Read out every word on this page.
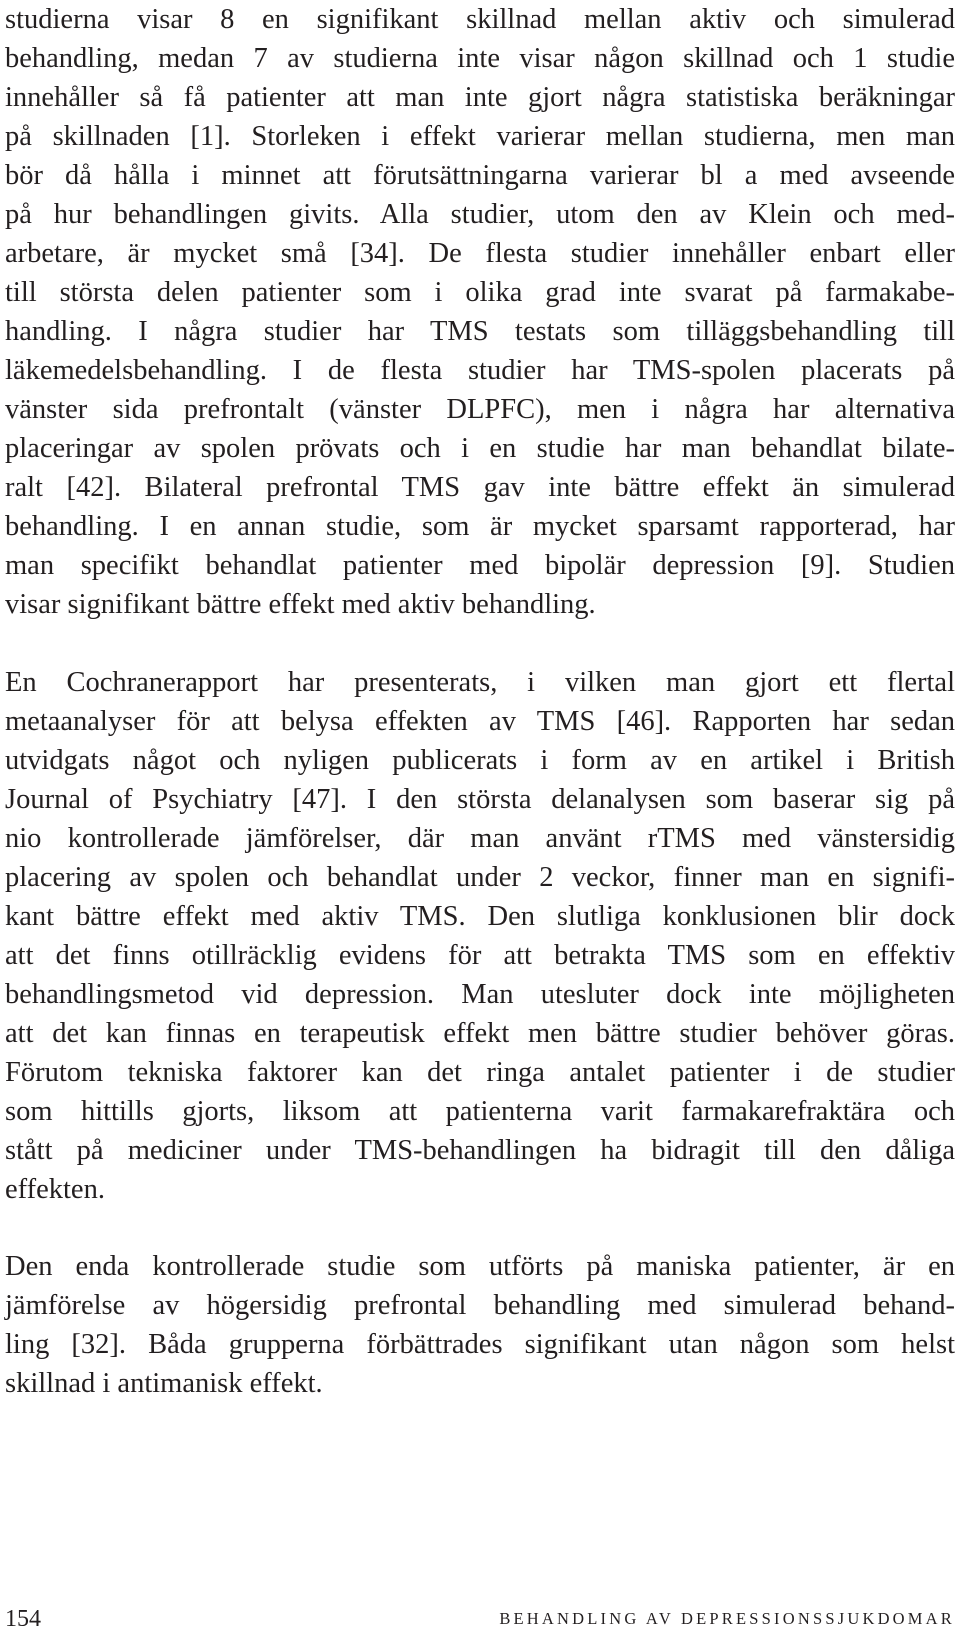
studierna visar 8 en signifikant skillnad mellan aktiv och simulerad
behandling, medan 7 av studierna inte visar någon skillnad och 1 studie
innehåller så få patienter att man inte gjort några statistiska beräkningar
på skillnaden [1]. Storleken i effekt varierar mellan studierna, men man
bör då hålla i minnet att förutsättningarna varierar bl a med avseende
på hur behandlingen givits. Alla studier, utom den av Klein och med-
arbetare, är mycket små [34]. De flesta studier innehåller enbart eller
till största delen patienter som i olika grad inte svarat på farmakabe-
handling. I några studier har TMS testats som tilläggsbehandling till
läkemedelsbehandling. I de flesta studier har TMS-spolen placerats på
vänster sida prefrontalt (vänster DLPFC), men i några har alternativa
placeringar av spolen prövats och i en studie har man behandlat bilate-
ralt [42]. Bilateral prefrontal TMS gav inte bättre effekt än simulerad
behandling. I en annan studie, som är mycket sparsamt rapporterad, har
man specifikt behandlat patienter med bipolär depression [9]. Studien
visar signifikant bättre effekt med aktiv behandling.
En Cochranerapport har presenterats, i vilken man gjort ett flertal
metaanalyser för att belysa effekten av TMS [46]. Rapporten har sedan
utvidgats något och nyligen publicerats i form av en artikel i British
Journal of Psychiatry [47]. I den största delanalysen som baserar sig på
nio kontrollerade jämförelser, där man använt rTMS med vänstersidig
placering av spolen och behandlat under 2 veckor, finner man en signifi-
kant bättre effekt med aktiv TMS. Den slutliga konklusionen blir dock
att det finns otillräcklig evidens för att betrakta TMS som en effektiv
behandlingsmetod vid depression. Man utesluter dock inte möjligheten
att det kan finnas en terapeutisk effekt men bättre studier behöver göras.
Förutom tekniska faktorer kan det ringa antalet patienter i de studier
som hittills gjorts, liksom att patienterna varit farmakarefraktära och
stått på mediciner under TMS-behandlingen ha bidragit till den dåliga
effekten.
Den enda kontrollerade studie som utförts på maniska patienter, är en
jämförelse av högersidig prefrontal behandling med simulerad behand-
ling [32]. Båda grupperna förbättrades signifikant utan någon som helst
skillnad i antimanisk effekt.
154	BEHANDLING AV DEPRESSIONSSJUKDOMAR
